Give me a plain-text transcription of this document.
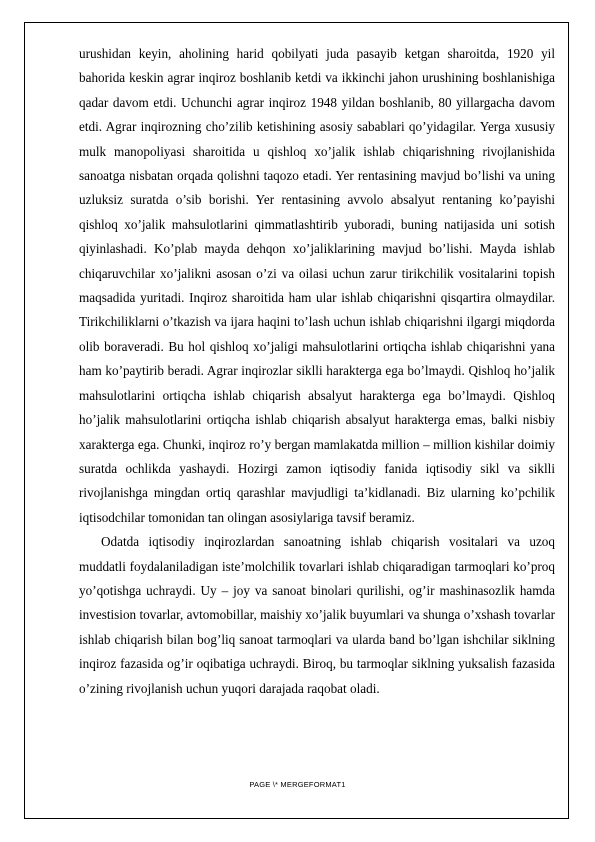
urushidan keyin, aholining harid qobilyati juda pasayib ketgan sharoitda, 1920 yil bahorida keskin agrar inqiroz boshlanib ketdi va ikkinchi jahon urushining boshlanishiga qadar davom etdi. Uchunchi agrar inqiroz 1948 yildan boshlanib, 80 yillargacha davom etdi. Agrar inqirozning cho’zilib ketishining asosiy sabablari qo’yidagilar. Yerga xususiy mulk manopoliyasi sharoitida u qishloq xo’jalik ishlab chiqarishning rivojlanishida sanoatga nisbatan orqada qolishni taqozo etadi. Yer rentasining mavjud bo’lishi va uning uzluksiz suratda o’sib borishi. Yer rentasining avvolo absalyut rentaning ko’payishi qishloq xo’jalik mahsulotlarini qimmatlashtirib yuboradi, buning natijasida uni sotish qiyinlashadi. Ko’plab mayda dehqon xo’jaliklarining mavjud bo’lishi. Mayda ishlab chiqaruvchilar xo’jalikni asosan o’zi va oilasi uchun zarur tirikchilik vositalarini topish maqsadida yuritadi. Inqiroz sharoitida ham ular ishlab chiqarishni qisqartira olmaydilar. Tirikchiliklarni o’tkazish va ijara haqini to’lash uchun ishlab chiqarishni ilgargi miqdorda olib boraveradi. Bu hol qishloq xo’jaligi mahsulotlarini ortiqcha ishlab chiqarishni yana ham ko’paytirib beradi. Agrar inqirozlar siklli harakterga ega bo’lmaydi. Qishloq ho’jalik mahsulotlarini ortiqcha ishlab chiqarish absalyut harakterga ega bo’lmaydi. Qishloq ho’jalik mahsulotlarini ortiqcha ishlab chiqarish absalyut harakterga emas, balki nisbiy xarakterga ega. Chunki, inqiroz ro’y bergan mamlakatda million – million kishilar doimiy suratda ochlikda yashaydi. Hozirgi zamon iqtisodiy fanida iqtisodiy sikl va siklli rivojlanishga mingdan ortiq qarashlar mavjudligi ta’kidlanadi. Biz ularning ko’pchilik iqtisodchilar tomonidan tan olingan asosiylariga tavsif beramiz.

Odatda iqtisodiy inqirozlardan sanoatning ishlab chiqarish vositalari va uzoq muddatli foydalaniladigan iste’molchilik tovarlari ishlab chiqaradigan tarmoqlari ko’proq yo’qotishga uchraydi. Uy – joy va sanoat binolari qurilishi, og’ir mashinasozlik hamda investision tovarlar, avtomobillar, maishiy xo’jalik buyumlari va shunga o’xshash tovarlar ishlab chiqarish bilan bog’liq sanoat tarmoqlari va ularda band bo’lgan ishchilar siklning inqiroz fazasida og’ir oqibatiga uchraydi. Biroq, bu tarmoqlar siklning yuksalish fazasida o’zining rivojlanish uchun yuqori darajada raqobat oladi.

PAGE \* MERGEFORMAT1
